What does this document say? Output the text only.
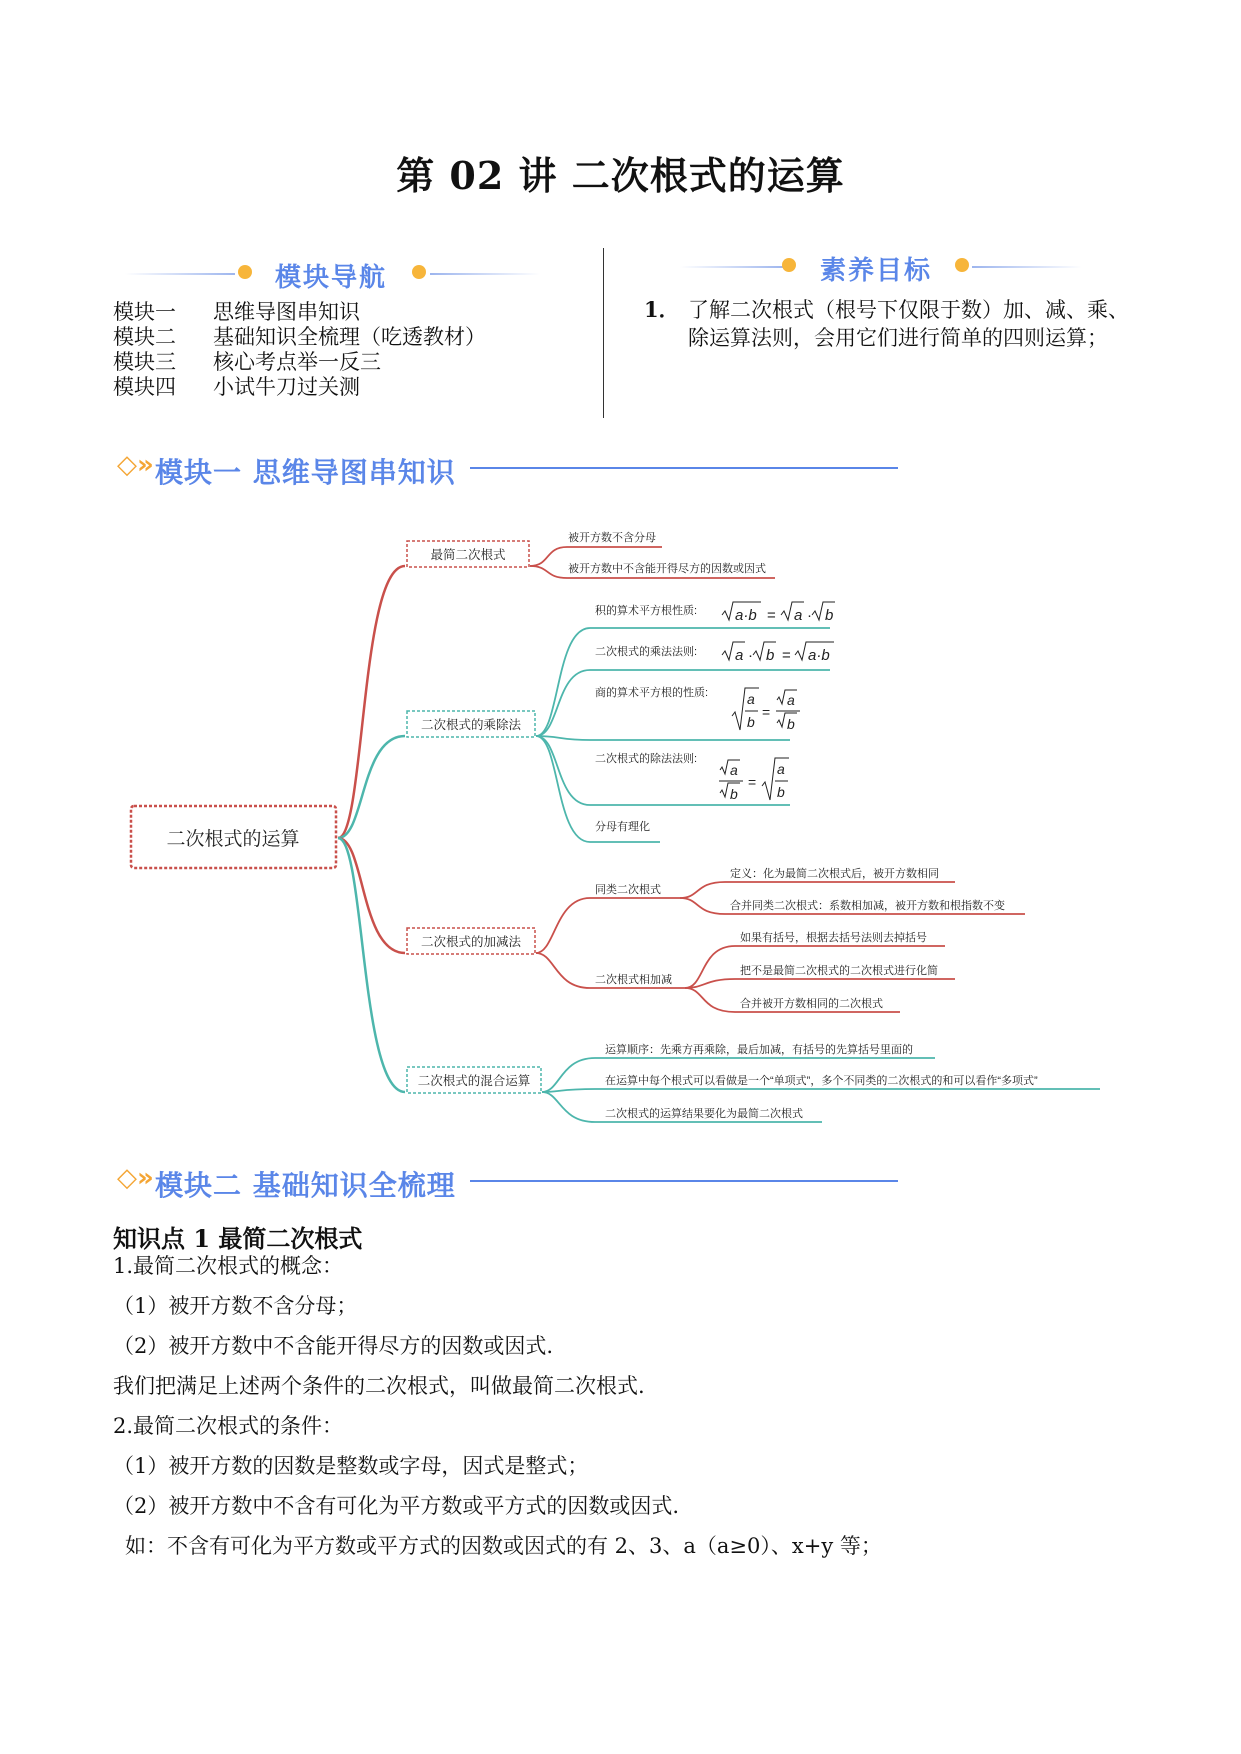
第 02 讲 二次根式的运算
模块导航
模块一 思维导图串知识
模块二 基础知识全梳理（吃透教材）
模块三 核心考点举一反三
模块四 小试牛刀过关测
素养目标
1． 了解二次根式（根号下仅限于数）加、减、乘、除运算法则，会用它们进行简单的四则运算；
◇» 模块一 思维导图串知识
二次根式的运算
最简二次根式
二次根式的乘除法
二次根式的加减法
二次根式的混合运算
被开方数不含分母
被开方数中不含能开得尽方的因数或因式
积的算术平方根性质:
二次根式的乘法法则:
商的算术平方根的性质:
二次根式的除法法则:
分母有理化
a·b = a · b
a · b = a·b
a
b
=
a
b
a
b
=
a
b
同类二次根式
二次根式相加减
定义：化为最简二次根式后，被开方数相同
合并同类二次根式：系数相加减，被开方数和根指数不变
如果有括号，根据去括号法则去掉括号
把不是最简二次根式的二次根式进行化简
合并被开方数相同的二次根式
运算顺序：先乘方再乘除，最后加减，有括号的先算括号里面的
在运算中每个根式可以看做是一个“单项式”，多个不同类的二次根式的和可以看作“多项式”
二次根式的运算结果要化为最简二次根式
◇» 模块二 基础知识全梳理
知识点 1 最简二次根式
1.最简二次根式的概念：
（1）被开方数不含分母；
（2）被开方数中不含能开得尽方的因数或因式.
我们把满足上述两个条件的二次根式，叫做最简二次根式.
2.最简二次根式的条件：
（1）被开方数的因数是整数或字母，因式是整式；
（2）被开方数中不含有可化为平方数或平方式的因数或因式.
如：不含有可化为平方数或平方式的因数或因式的有 2、3、a（a≥0）、x+y 等；
